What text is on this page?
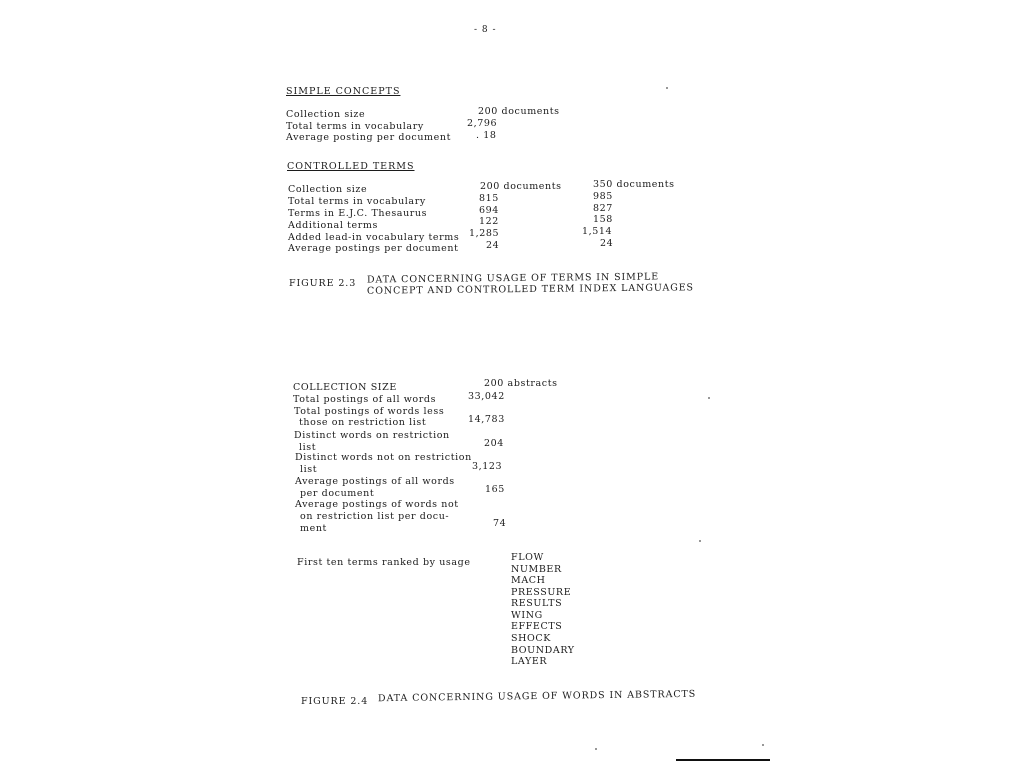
- 8 -
SIMPLE CONCEPTS
Collection size	200 documents
Total terms in vocabulary	2,796
Average posting per document	. 18
CONTROLLED TERMS
Collection size	200 documents	350 documents
Total terms in vocabulary	815	985
Terms in E.J.C. Thesaurus	694	827
Additional terms	122	158
Added lead-in vocabulary terms 1,285	1,514
Average postings per document	24	24
FIGURE 2.3 DATA CONCERNING USAGE OF TERMS IN SIMPLE
CONCEPT AND CONTROLLED TERM INDEX LANGUAGES
COLLECTION SIZE	200 abstracts
Total postings of all words	33,042
Total postings of words less
those on restriction list	14,783
Distinct words on restriction
list	204
Distinct words not on restriction
list	3,123
Average postings of all words
per document	165
Average postings of words not
on restriction list per docu-
ment	74
First ten terms ranked by usage	FLOW
NUMBER
MACH
PRESSURE
RESULTS
WING
EFFECTS
SHOCK
BOUNDARY
LAYER
FIGURE 2.4 DATA CONCERNING USAGE OF WORDS IN ABSTRACTS
